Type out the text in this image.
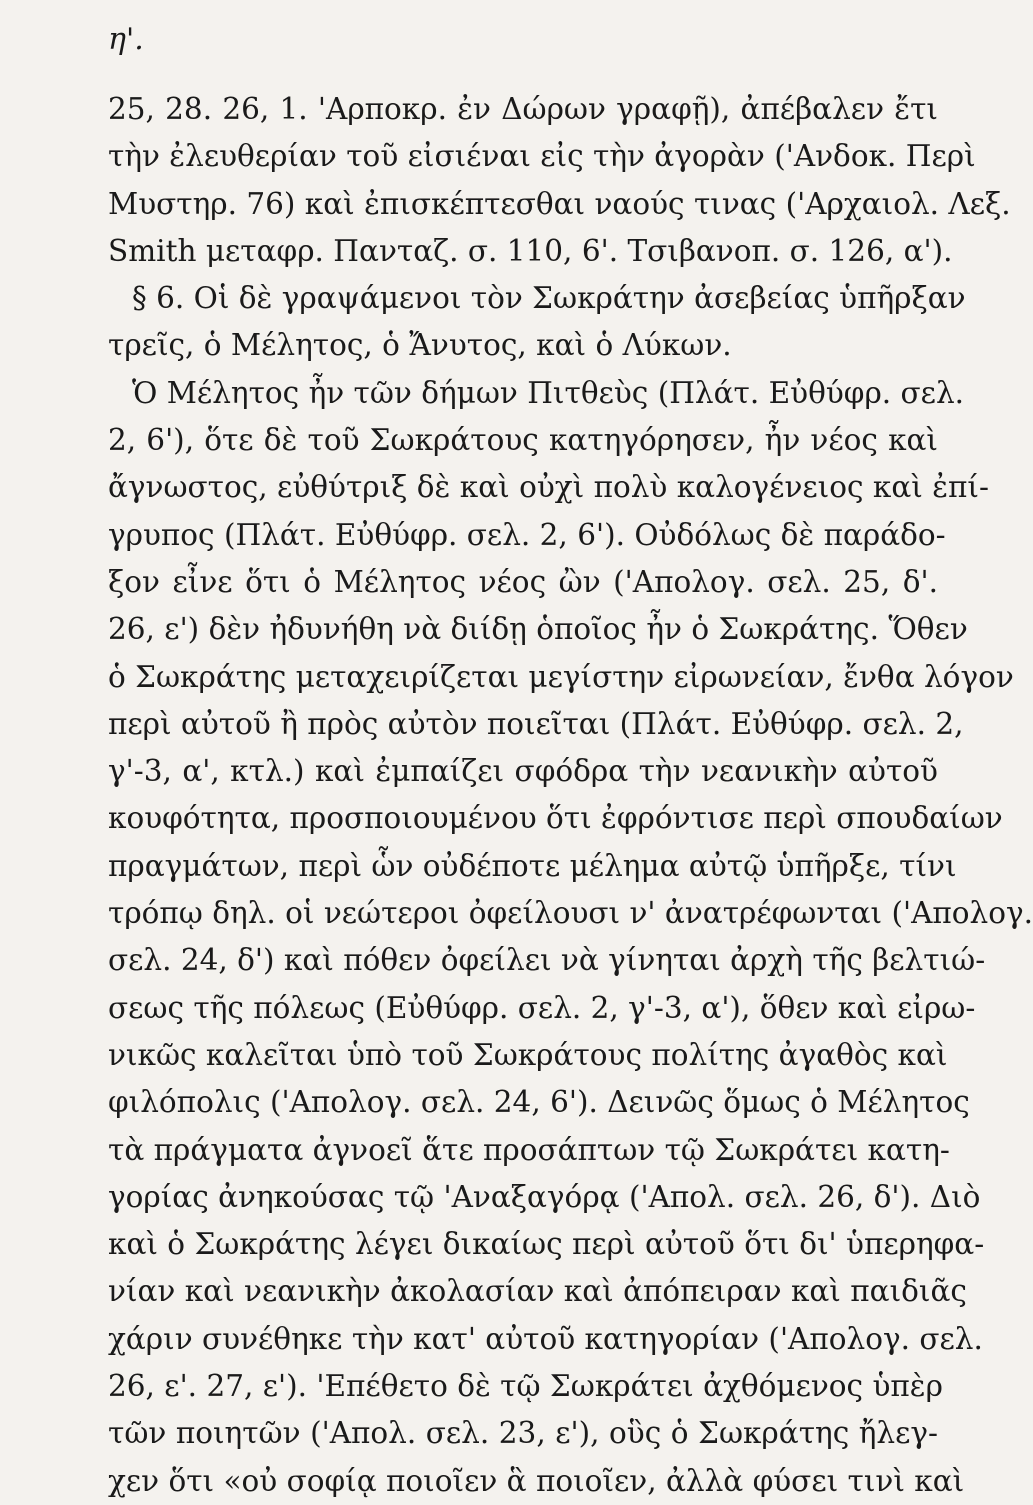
η'.
25, 28. 26, 1. 'Αρποκρ. ἐν Δώρων γραφῇ), ἀπέβαλεν ἔτι
τὴν ἐλευθερίαν τοῦ εἰσιέναι εἰς τὴν ἀγορὰν ('Ανδοκ. Περὶ
Μυστηρ. 76) καὶ ἐπισκέπτεσθαι ναούς τινας ('Αρχαιολ. Λεξ.
Smith μεταφρ. Πανταζ. σ. 110, 6'. Τσιβανοπ. σ. 126, α').
§ 6. Οἱ δὲ γραψάμενοι τὸν Σωκράτην ἀσεβείας ὑπῆρξαν
τρεῖς, ὁ Μέλητος, ὁ Ἄνυτος, καὶ ὁ Λύκων.
Ὁ Μέλητος ἦν τῶν δήμων Πιτθεὺς (Πλάτ. Εὐθύφρ. σελ.
2, 6'), ὅτε δὲ τοῦ Σωκράτους κατηγόρησεν, ἦν νέος καὶ
ἄγνωστος, εὐθύτριξ δὲ καὶ οὐχὶ πολὺ καλογένειος καὶ ἐπί-
γρυπος (Πλάτ. Εὐθύφρ. σελ. 2, 6'). Οὐδόλως δὲ παράδο-
ξον εἶνε ὅτι ὁ Μέλητος νέος ὢν ('Απολογ. σελ. 25, δ'.
26, ε') δὲν ἠδυνήθη νὰ διίδῃ ὁποῖος ἦν ὁ Σωκράτης. Ὅθεν
ὁ Σωκράτης μεταχειρίζεται μεγίστην εἰρωνείαν, ἔνθα λόγον
περὶ αὐτοῦ ἢ πρὸς αὐτὸν ποιεῖται (Πλάτ. Εὐθύφρ. σελ. 2,
γ'-3, α', κτλ.) καὶ ἐμπαίζει σφόδρα τὴν νεανικὴν αὐτοῦ
κουφότητα, προσποιουμένου ὅτι ἐφρόντισε περὶ σπουδαίων
πραγμάτων, περὶ ὧν οὐδέποτε μέλημα αὐτῷ ὑπῆρξε, τίνι
τρόπῳ δηλ. οἱ νεώτεροι ὀφείλουσι ν' ἀνατρέφωνται ('Απολογ.
σελ. 24, δ') καὶ πόθεν ὀφείλει νὰ γίνηται ἀρχὴ τῆς βελτιώ-
σεως τῆς πόλεως (Εὐθύφρ. σελ. 2, γ'-3, α'), ὅθεν καὶ εἰρω-
νικῶς καλεῖται ὑπὸ τοῦ Σωκράτους πολίτης ἀγαθὸς καὶ
φιλόπολις ('Απολογ. σελ. 24, 6'). Δεινῶς ὅμως ὁ Μέλητος
τὰ πράγματα ἀγνοεῖ ἅτε προσάπτων τῷ Σωκράτει κατη-
γορίας ἀνηκούσας τῷ 'Αναξαγόρᾳ ('Απολ. σελ. 26, δ'). Διὸ
καὶ ὁ Σωκράτης λέγει δικαίως περὶ αὐτοῦ ὅτι δι' ὑπερηφα-
νίαν καὶ νεανικὴν ἀκολασίαν καὶ ἀπόπειραν καὶ παιδιᾶς
χάριν συνέθηκε τὴν κατ' αὐτοῦ κατηγορίαν ('Απολογ. σελ.
26, ε'. 27, ε'). 'Επέθετο δὲ τῷ Σωκράτει ἀχθόμενος ὑπὲρ
τῶν ποιητῶν ('Απολ. σελ. 23, ε'), οὓς ὁ Σωκράτης ἤλεγ-
χεν ὅτι «οὐ σοφίᾳ ποιοῖεν ἃ ποιοῖεν, ἀλλὰ φύσει τινὶ καὶ
